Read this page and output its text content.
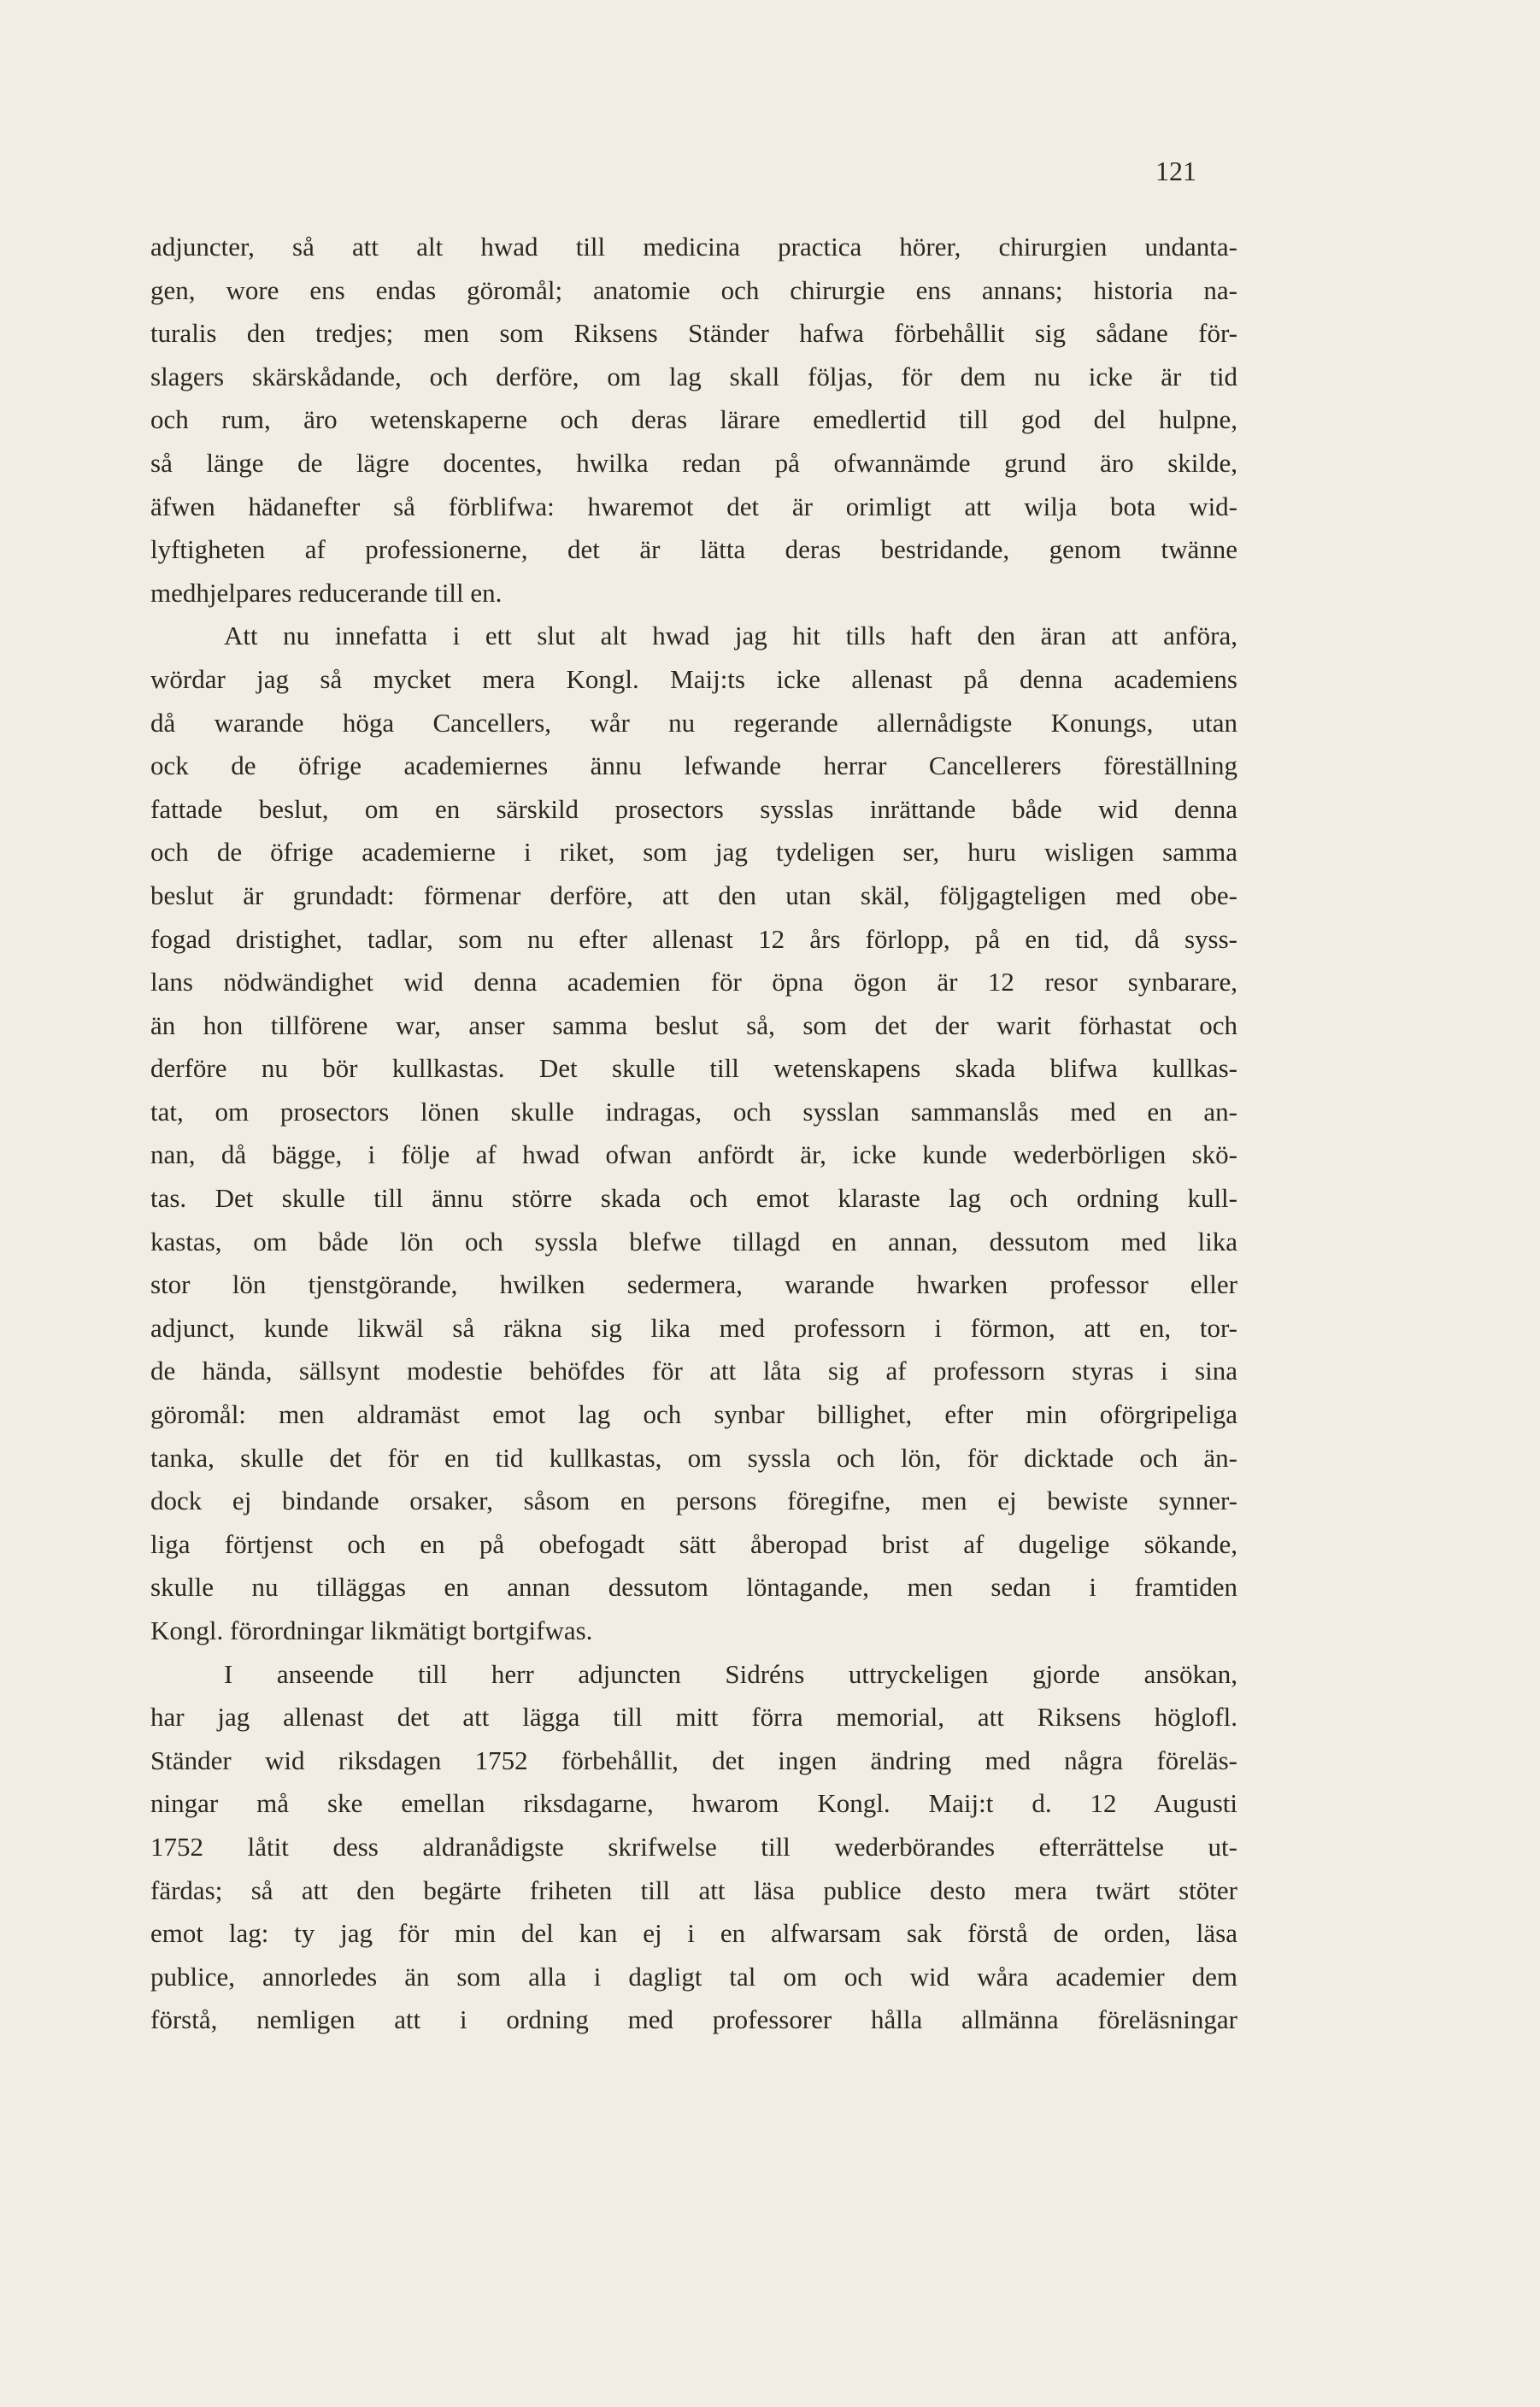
121
adjuncter, så att alt hwad till medicina practica hörer, chirurgien undanta-
gen, wore ens endas göromål; anatomie och chirurgie ens annans; historia na-
turalis den tredjes; men som Riksens Ständer hafwa förbehållit sig sådane för-
slagers skärskådande, och derföre, om lag skall följas, för dem nu icke är tid
och rum, äro wetenskaperne och deras lärare emedlertid till god del hulpne,
så länge de lägre docentes, hwilka redan på ofwannämde grund äro skilde,
äfwen hädanefter så förblifwa: hwaremot det är orimligt att wilja bota wid-
lyftigheten af professionerne, det är lätta deras bestridande, genom twänne
medhjelpares reducerande till en.
Att nu innefatta i ett slut alt hwad jag hit tills haft den äran att anföra,
wördar jag så mycket mera Kongl. Maij:ts icke allenast på denna academiens
då warande höga Cancellers, wår nu regerande allernådigste Konungs, utan
ock de öfrige academiernes ännu lefwande herrar Cancellerers föreställning
fattade beslut, om en särskild prosectors sysslas inrättande både wid denna
och de öfrige academierne i riket, som jag tydeligen ser, huru wisligen samma
beslut är grundadt: förmenar derföre, att den utan skäl, följgagteligen med obe-
fogad dristighet, tadlar, som nu efter allenast 12 års förlopp, på en tid, då syss-
lans nödwändighet wid denna academien för öpna ögon är 12 resor synbarare,
än hon tillförene war, anser samma beslut så, som det der warit förhastat och
derföre nu bör kullkastas. Det skulle till wetenskapens skada blifwa kullkas-
tat, om prosectors lönen skulle indragas, och sysslan sammanslås med en an-
nan, då bägge, i följe af hwad ofwan anfördt är, icke kunde wederbörligen skö-
tas. Det skulle till ännu större skada och emot klaraste lag och ordning kull-
kastas, om både lön och syssla blefwe tillagd en annan, dessutom med lika
stor lön tjenstgörande, hwilken sedermera, warande hwarken professor eller
adjunct, kunde likwäl så räkna sig lika med professorn i förmon, att en, tor-
de hända, sällsynt modestie behöfdes för att låta sig af professorn styras i sina
göromål: men aldramäst emot lag och synbar billighet, efter min oförgripeliga
tanka, skulle det för en tid kullkastas, om syssla och lön, för dicktade och än-
dock ej bindande orsaker, såsom en persons föregifne, men ej bewiste synner-
liga förtjenst och en på obefogadt sätt åberopad brist af dugelige sökande,
skulle nu tilläggas en annan dessutom löntagande, men sedan i framtiden
Kongl. förordningar likmätigt bortgifwas.
I anseende till herr adjuncten Sidréns uttryckeligen gjorde ansökan,
har jag allenast det att lägga till mitt förra memorial, att Riksens höglofl.
Ständer wid riksdagen 1752 förbehållit, det ingen ändring med några föreläs-
ningar må ske emellan riksdagarne, hwarom Kongl. Maij:t d. 12 Augusti
1752 låtit dess aldranådigste skrifwelse till wederbörandes efterrättelse ut-
färdas; så att den begärte friheten till att läsa publice desto mera twärt stöter
emot lag: ty jag för min del kan ej i en alfwarsam sak förstå de orden, läsa
publice, annorledes än som alla i dagligt tal om och wid wåra academier dem
förstå, nemligen att i ordning med professorer hålla allmänna föreläsningar
